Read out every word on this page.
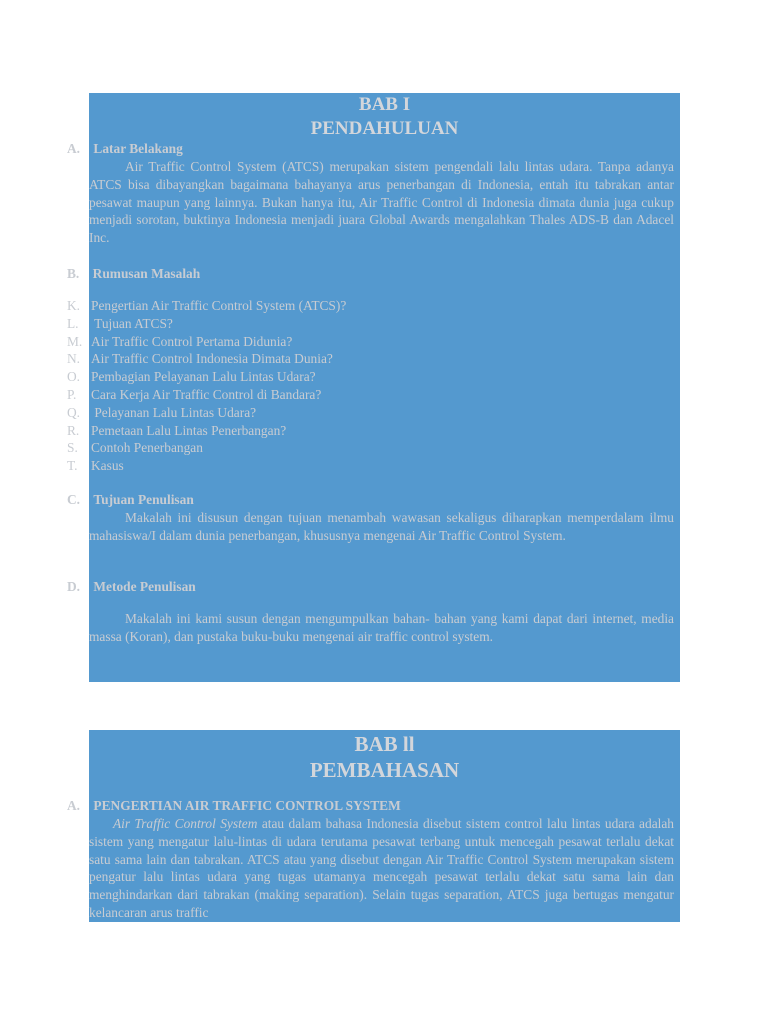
BAB I
PENDAHULUAN
A. Latar Belakang
Air Traffic Control System (ATCS) merupakan sistem pengendali lalu lintas udara. Tanpa adanya ATCS bisa dibayangkan bagaimana bahayanya arus penerbangan di Indonesia, entah itu tabrakan antar pesawat maupun yang lainnya. Bukan hanya itu, Air Traffic Control di Indonesia dimata dunia juga cukup menjadi sorotan, buktinya Indonesia menjadi juara Global Awards mengalahkan Thales ADS-B dan Adacel Inc.
B. Rumusan Masalah
K. Pengertian Air Traffic Control System (ATCS)?
L. Tujuan ATCS?
M. Air Traffic Control Pertama Didunia?
N. Air Traffic Control Indonesia Dimata Dunia?
O. Pembagian Pelayanan Lalu Lintas Udara?
P. Cara Kerja Air Traffic Control di Bandara?
Q. Pelayanan Lalu Lintas Udara?
R. Pemetaan Lalu Lintas Penerbangan?
S. Contoh Penerbangan
T. Kasus
C. Tujuan Penulisan
Makalah ini disusun dengan tujuan menambah wawasan sekaligus diharapkan memperdalam ilmu mahasiswa/I dalam dunia penerbangan, khususnya mengenai Air Traffic Control System.
D. Metode Penulisan
Makalah ini kami susun dengan mengumpulkan bahan- bahan yang kami dapat dari internet, media massa (Koran), dan pustaka buku-buku mengenai air traffic control system.
BAB ll
PEMBAHASAN
A. PENGERTIAN AIR TRAFFIC CONTROL SYSTEM
Air Traffic Control System atau dalam bahasa Indonesia disebut sistem control lalu lintas udara adalah sistem yang mengatur lalu-lintas di udara terutama pesawat terbang untuk mencegah pesawat terlalu dekat satu sama lain dan tabrakan. ATCS atau yang disebut dengan Air Traffic Control System merupakan sistem pengatur lalu lintas udara yang tugas utamanya mencegah pesawat terlalu dekat satu sama lain dan menghindarkan dari tabrakan (making separation). Selain tugas separation, ATCS juga bertugas mengatur kelancaran arus traffic
